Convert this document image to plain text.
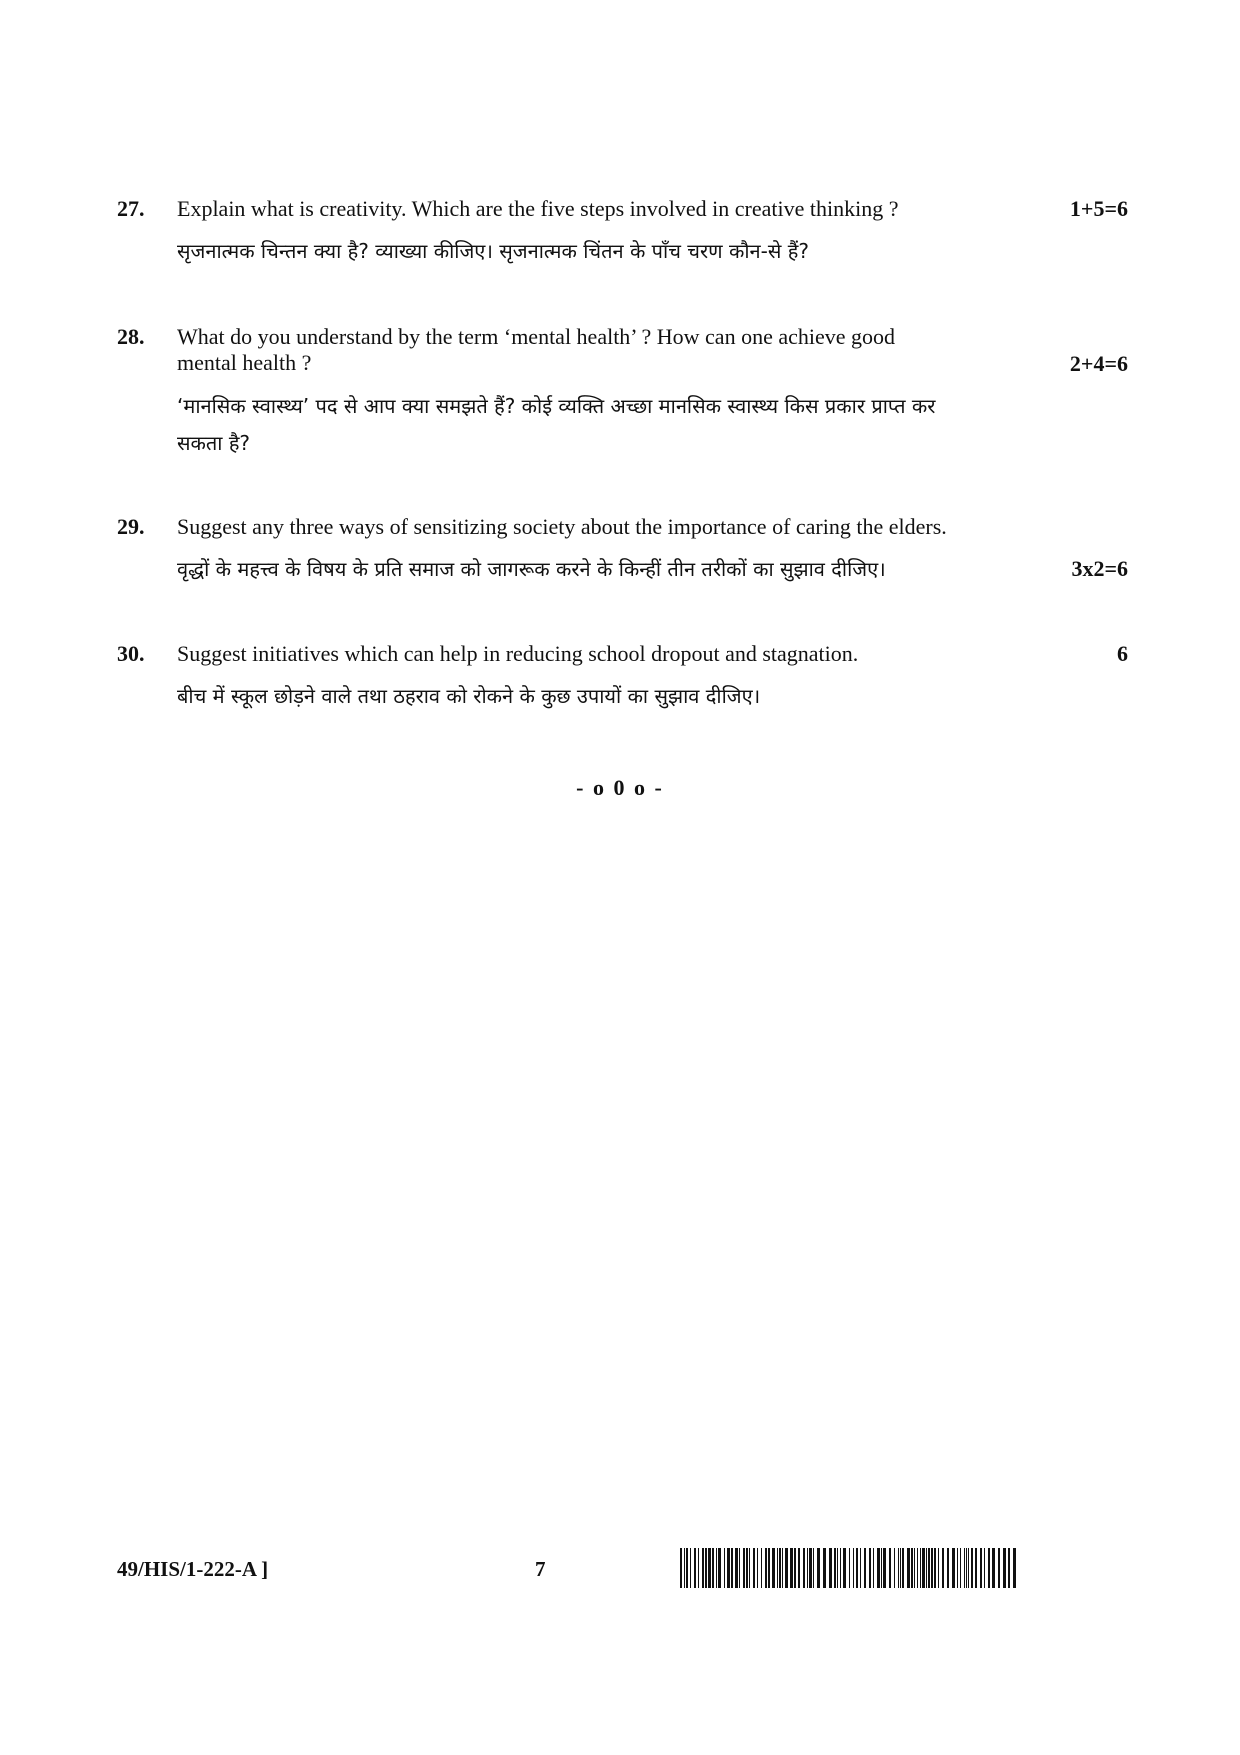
27. Explain what is creativity. Which are the five steps involved in creative thinking ?	1+5=6
सृजनात्मक चिन्तन क्या है? व्याख्या कीजिए। सृजनात्मक चिंतन के पाँच चरण कौन-से हैं?
28. What do you understand by the term ‘mental health’ ? How can one achieve good
mental health ?	2+4=6
‘मानसिक स्वास्थ्य’ पद से आप क्या समझते हैं? कोई व्यक्ति अच्छा मानसिक स्वास्थ्य किस प्रकार प्राप्त कर
सकता है?
29. Suggest any three ways of sensitizing society about the importance of caring the elders.
वृद्धों के महत्त्व के विषय के प्रति समाज को जागरूक करने के किन्हीं तीन तरीकों का सुझाव दीजिए।	3x2=6
30. Suggest initiatives which can help in reducing school dropout and stagnation.	6
बीच में स्कूल छोड़ने वाले तथा ठहराव को रोकने के कुछ उपायों का सुझाव दीजिए।
- o 0 o -
49/HIS/1-222-A ]	7
